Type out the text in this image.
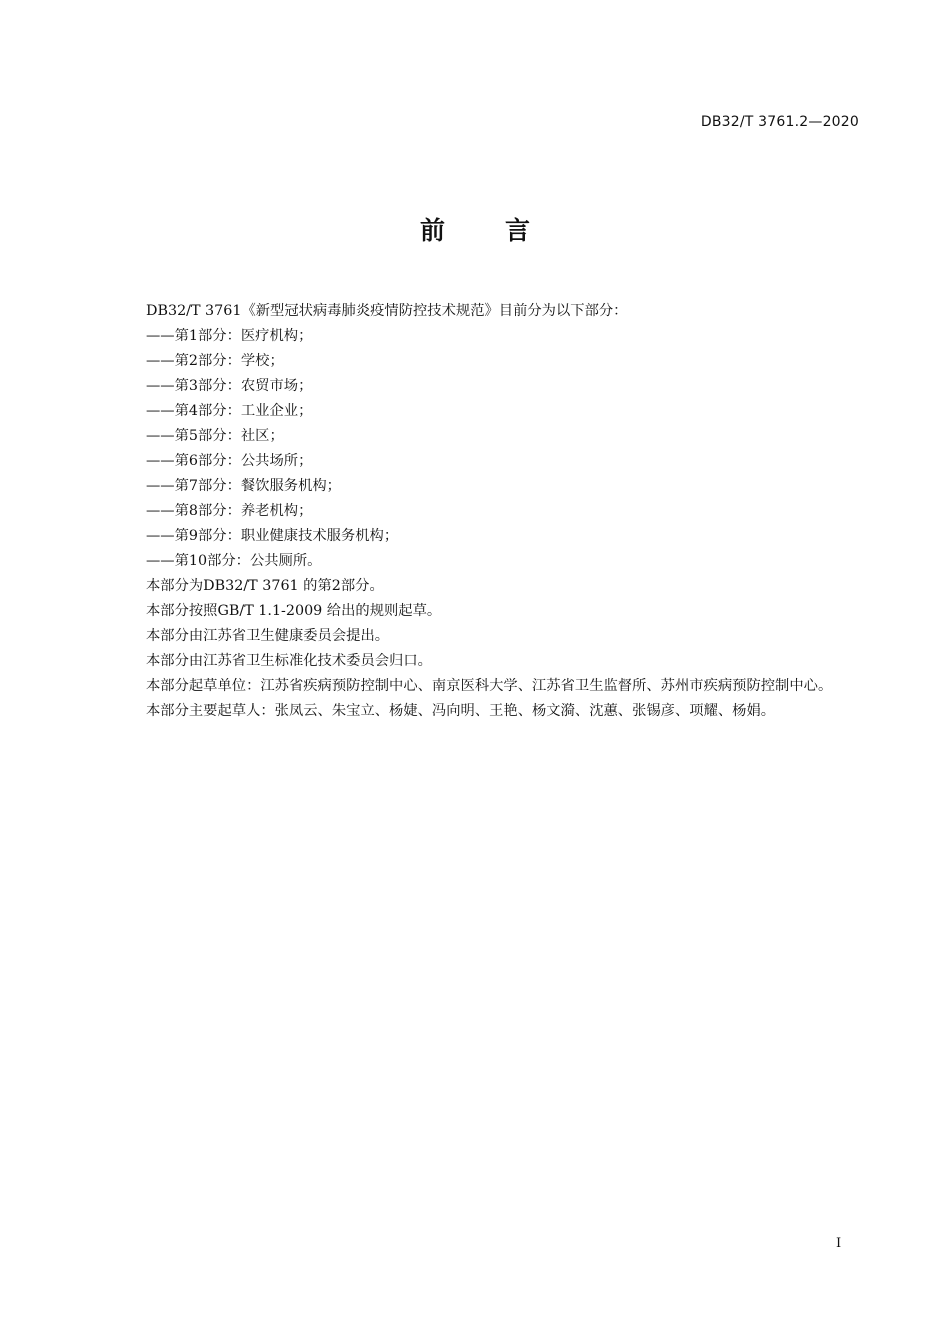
DB32/T 3761.2—2020
前 言

DB32/T 3761《新型冠状病毒肺炎疫情防控技术规范》目前分为以下部分：

——第1部分：医疗机构；

——第2部分：学校；

——第3部分：农贸市场；

——第4部分：工业企业；

——第5部分：社区；

——第6部分：公共场所；

——第7部分：餐饮服务机构；

——第8部分：养老机构；

——第9部分：职业健康技术服务机构；

——第10部分：公共厕所。

本部分为DB32/T 3761 的第2部分。

本部分按照GB/T 1.1-2009 给出的规则起草。

本部分由江苏省卫生健康委员会提出。

本部分由江苏省卫生标准化技术委员会归口。

本部分起草单位：江苏省疾病预防控制中心、南京医科大学、江苏省卫生监督所、苏州市疾病预防控制中心。

本部分主要起草人：张凤云、朱宝立、杨婕、冯向明、王艳、杨文漪、沈蕙、张锡彦、项耀、杨娟。

I
